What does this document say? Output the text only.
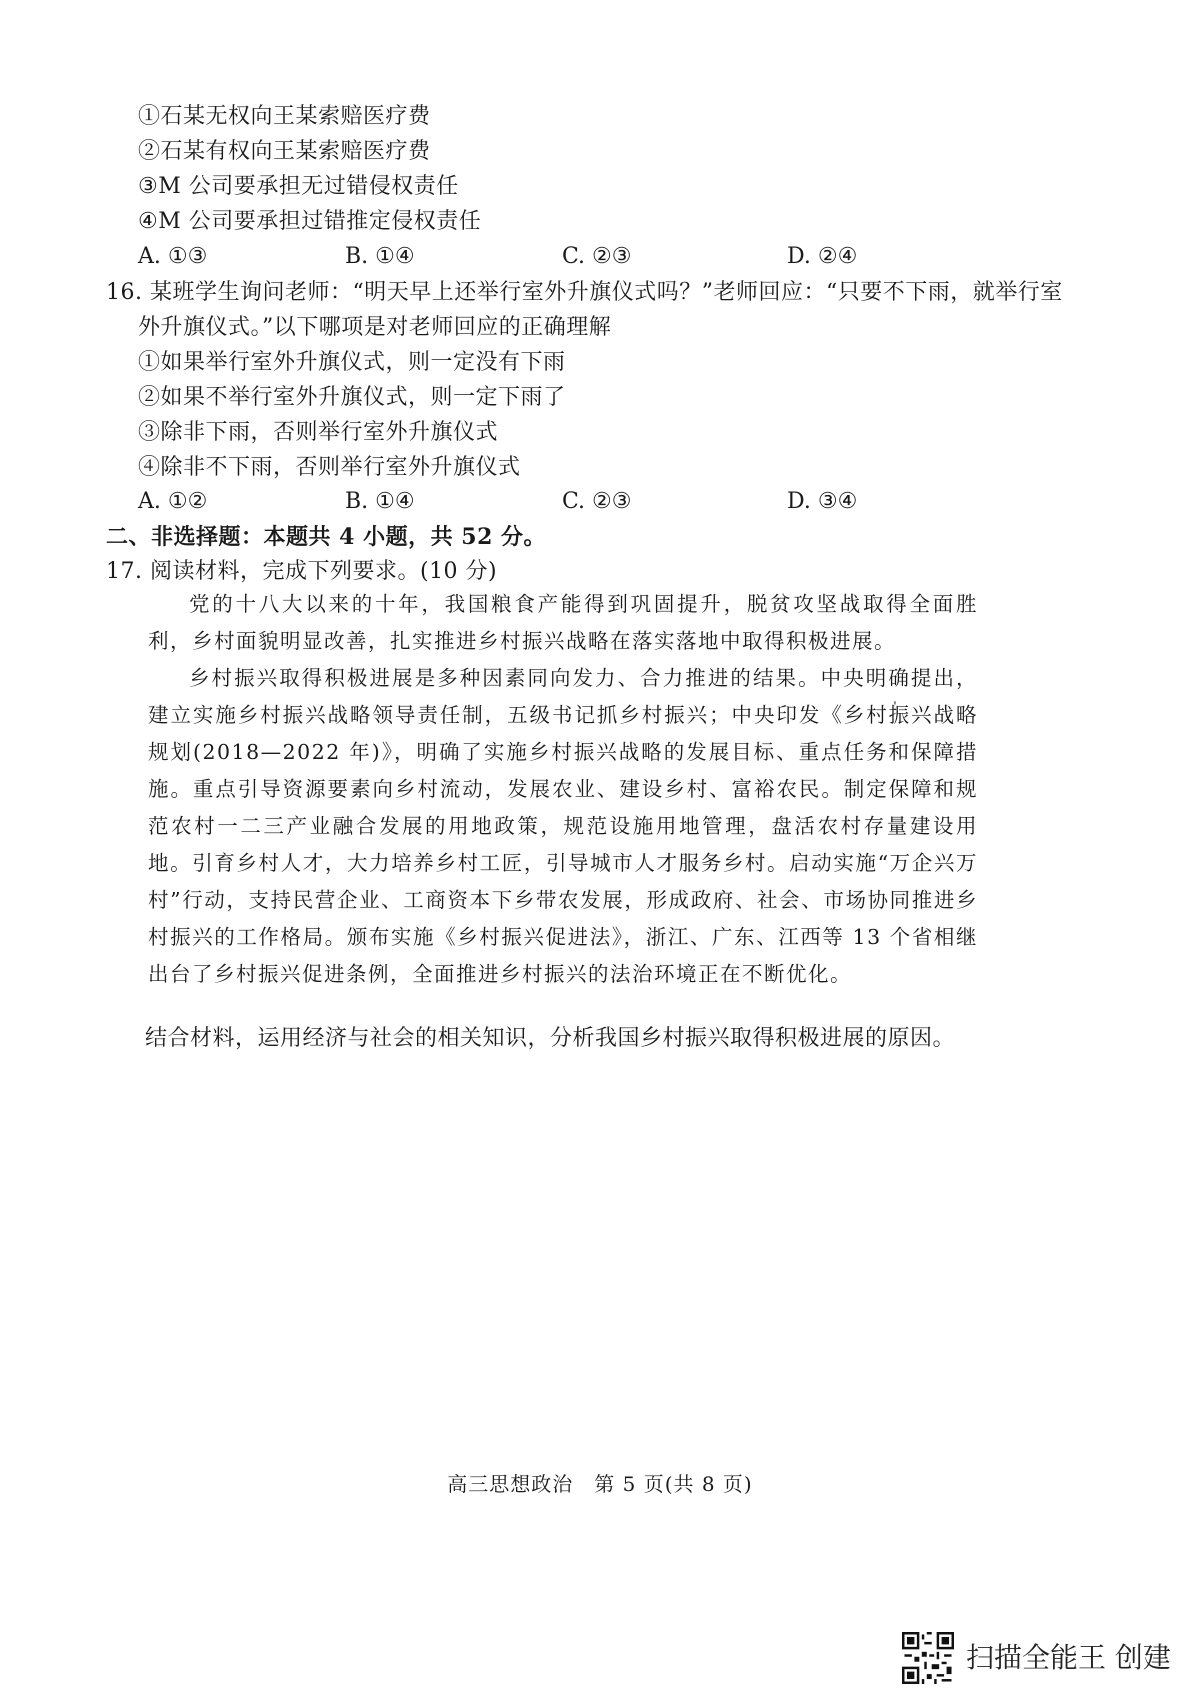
①石某无权向王某索赔医疗费
②石某有权向王某索赔医疗费
③M 公司要承担无过错侵权责任
④M 公司要承担过错推定侵权责任
A. ①③	B. ①④	C. ②③	D. ②④
16. 某班学生询问老师：“明天早上还举行室外升旗仪式吗？”老师回应：“只要不下雨，就举行室
外升旗仪式。”以下哪项是对老师回应的正确理解
①如果举行室外升旗仪式，则一定没有下雨
②如果不举行室外升旗仪式，则一定下雨了
③除非下雨，否则举行室外升旗仪式
④除非不下雨，否则举行室外升旗仪式
A. ①②	B. ①④	C. ②③	D. ③④
二、非选择题：本题共 4 小题，共 52 分。
17. 阅读材料，完成下列要求。(10 分)

党的十八大以来的十年，我国粮食产能得到巩固提升，脱贫攻坚战取得全面胜利，乡村面貌明显改善，扎实推进乡村振兴战略在落实落地中取得积极进展。

乡村振兴取得积极进展是多种因素同向发力、合力推进的结果。中央明确提出，建立实施乡村振兴战略领导责任制，五级书记抓乡村振兴；中央印发《乡村振兴战略规划(2018—2022 年)》，明确了实施乡村振兴战略的发展目标、重点任务和保障措施。重点引导资源要素向乡村流动，发展农业、建设乡村、富裕农民。制定保障和规范农村一二三产业融合发展的用地政策，规范设施用地管理，盘活农村存量建设用地。引育乡村人才，大力培养乡村工匠，引导城市人才服务乡村。启动实施“万企兴万村”行动，支持民营企业、工商资本下乡带农发展，形成政府、社会、市场协同推进乡村振兴的工作格局。颁布实施《乡村振兴促进法》，浙江、广东、江西等 13 个省相继出台了乡村振兴促进条例，全面推进乡村振兴的法治环境正在不断优化。

结合材料，运用经济与社会的相关知识，分析我国乡村振兴取得积极进展的原因。
ˌ
高三思想政治　第 5 页(共 8 页)
扫描全能王 创建
